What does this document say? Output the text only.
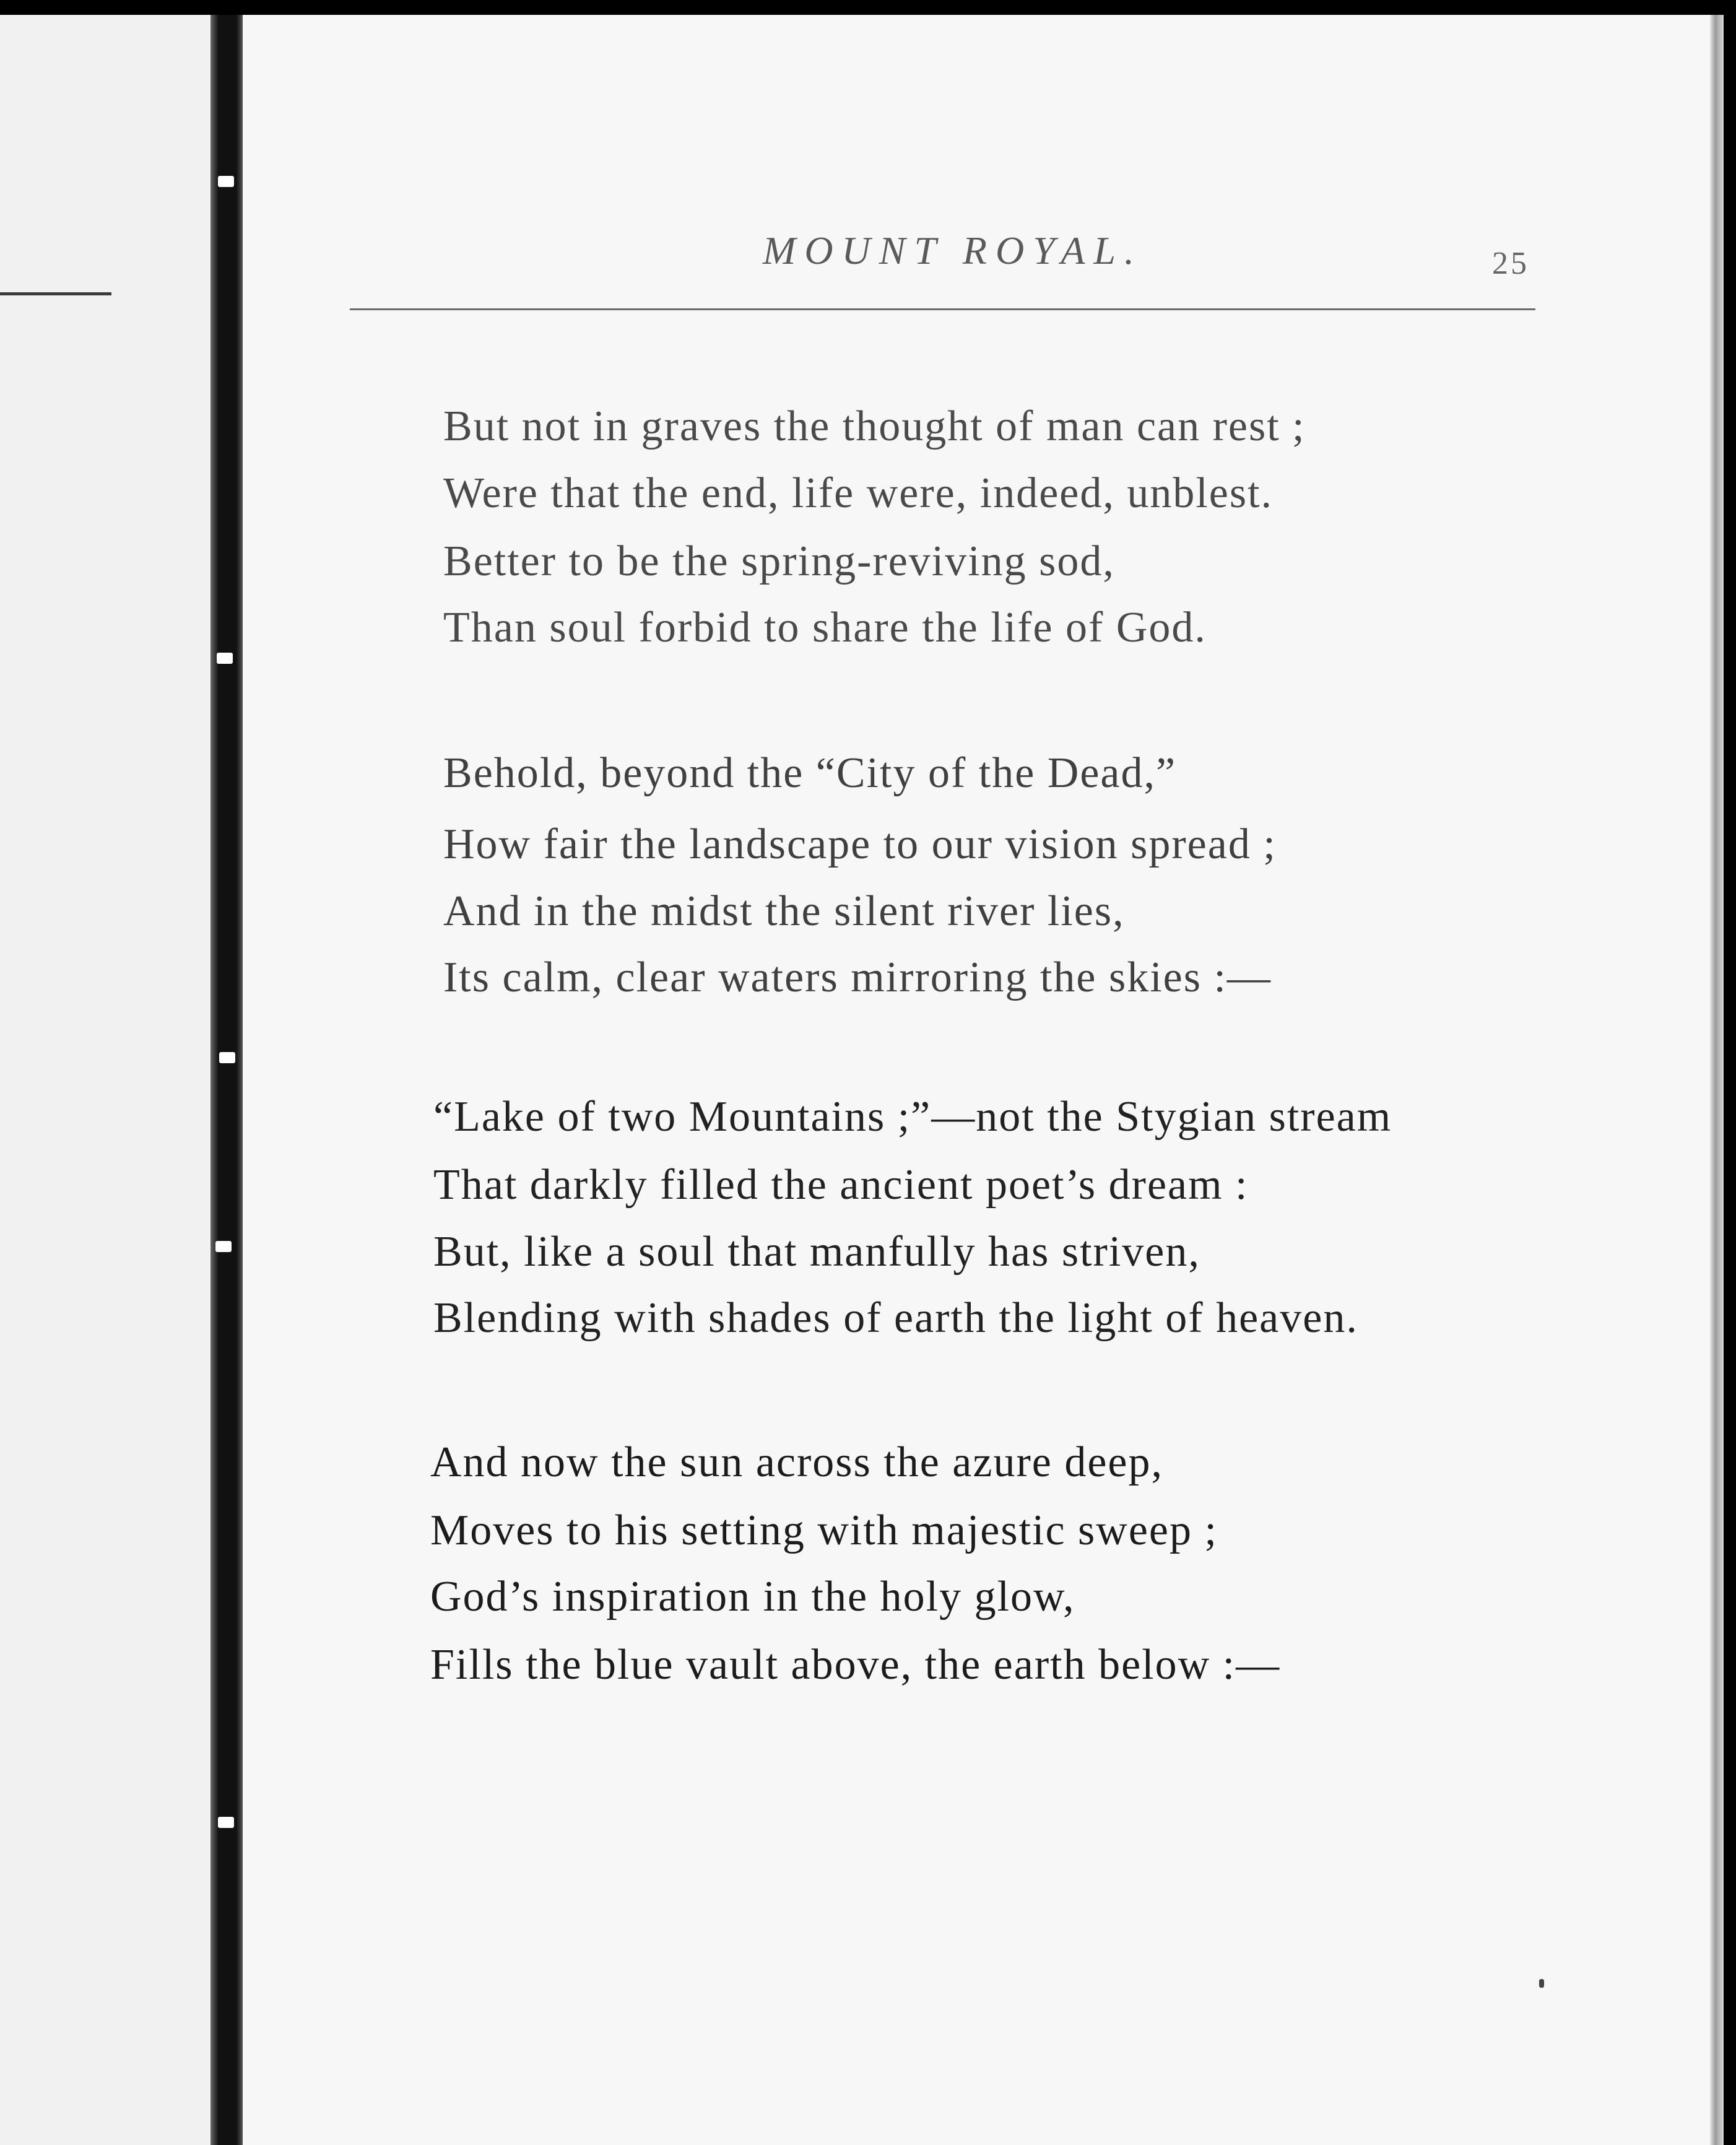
MOUNT ROYAL.	25
But not in graves the thought of man can rest ;
Were that the end, life were, indeed, unblest.
Better to be the spring-reviving sod,
Than soul forbid to share the life of God.
Behold, beyond the “City of the Dead,”
How fair the landscape to our vision spread ;
And in the midst the silent river lies,
Its calm, clear waters mirroring the skies :—
“Lake of two Mountains ;”—not the Stygian stream
That darkly filled the ancient poet’s dream :
But, like a soul that manfully has striven,
Blending with shades of earth the light of heaven.
And now the sun across the azure deep,
Moves to his setting with majestic sweep ;
God’s inspiration in the holy glow,
Fills the blue vault above, the earth below :—
